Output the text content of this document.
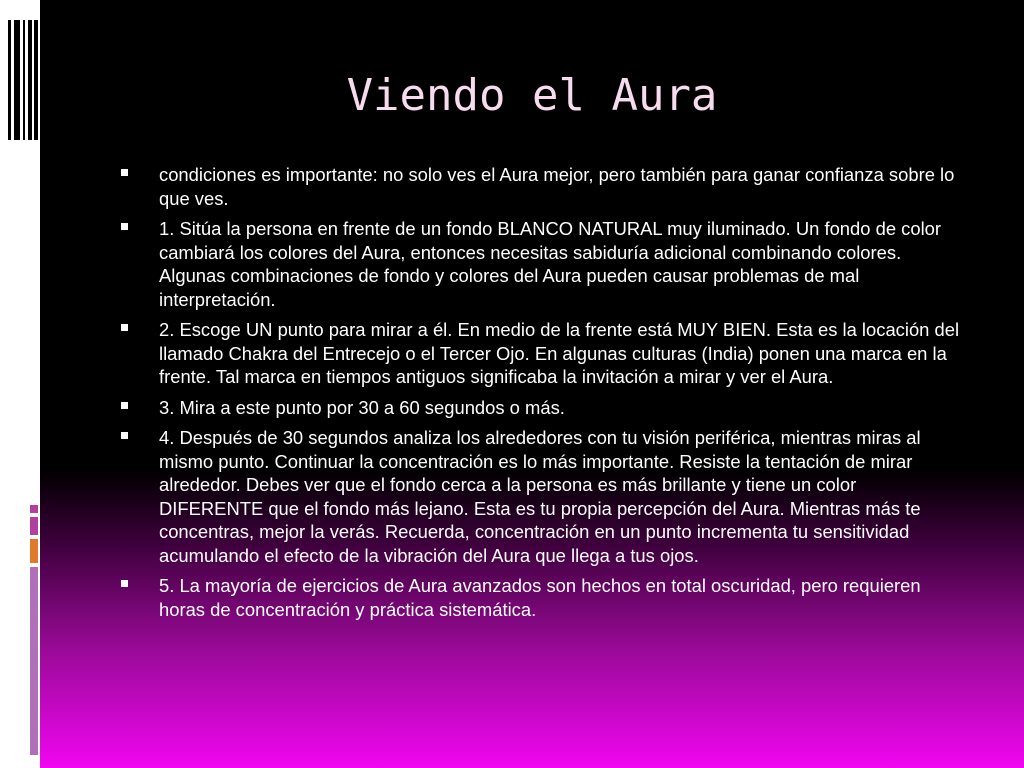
Viendo el Aura
condiciones es importante: no solo ves el Aura mejor, pero también para ganar confianza sobre lo que ves.
1. Sitúa la persona en frente de un fondo BLANCO NATURAL muy iluminado. Un fondo de color cambiará los colores del Aura, entonces necesitas sabiduría adicional combinando colores. Algunas combinaciones de fondo y colores del Aura pueden causar problemas de mal interpretación.
2. Escoge UN punto para mirar a él. En medio de la frente está MUY BIEN. Esta es la locación del llamado Chakra del Entrecejo o el Tercer Ojo. En algunas culturas (India) ponen una marca en la frente. Tal marca en tiempos antiguos significaba la invitación a mirar y ver el Aura.
3. Mira a este punto por 30 a 60 segundos o más.
4. Después de 30 segundos analiza los alrededores con tu visión periférica, mientras miras al mismo punto. Continuar la concentración es lo más importante. Resiste la tentación de mirar alrededor. Debes ver que el fondo cerca a la persona es más brillante y tiene un color DIFERENTE que el fondo más lejano. Esta es tu propia percepción del Aura. Mientras más te concentras, mejor la verás. Recuerda, concentración en un punto incrementa tu sensitividad acumulando el efecto de la vibración del Aura que llega a tus ojos.
5. La mayoría de ejercicios de Aura avanzados son hechos en total oscuridad, pero requieren horas de concentración y práctica sistemática.
